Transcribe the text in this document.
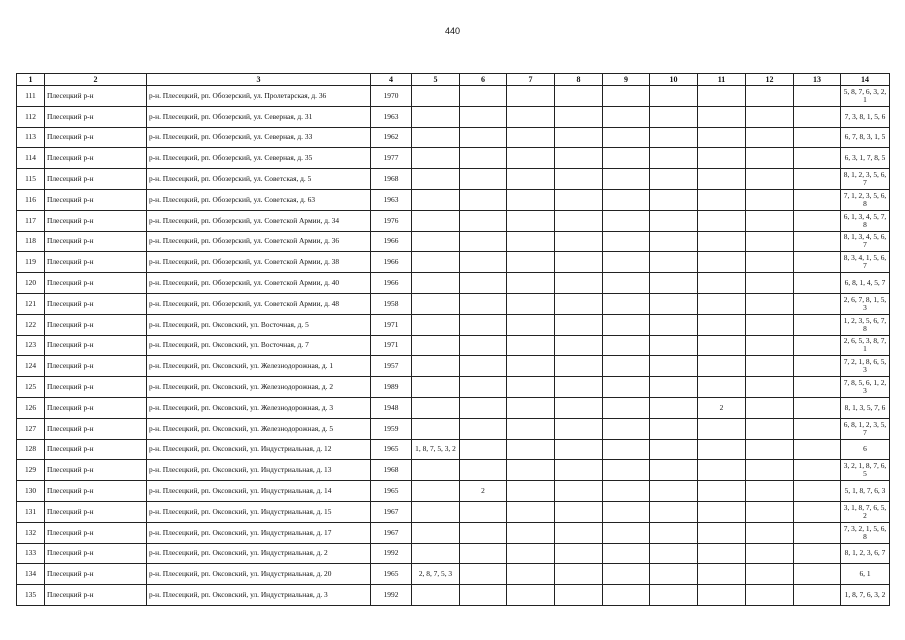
440
1	2	3	4	5	6	7	8	9	10	11	12	13	14
111	Плесецкий р-н	р-н. Плесецкий, рп. Обозерский, ул. Пролетарская, д. 36	1970										5, 8, 7, 6, 3, 2, 1
112	Плесецкий р-н	р-н. Плесецкий, рп. Обозерский, ул. Северная, д. 31	1963										7, 3, 8, 1, 5, 6
113	Плесецкий р-н	р-н. Плесецкий, рп. Обозерский, ул. Северная, д. 33	1962										6, 7, 8, 3, 1, 5
114	Плесецкий р-н	р-н. Плесецкий, рп. Обозерский, ул. Северная, д. 35	1977										6, 3, 1, 7, 8, 5
115	Плесецкий р-н	р-н. Плесецкий, рп. Обозерский, ул. Советская, д. 5	1968										8, 1, 2, 3, 5, 6, 7
116	Плесецкий р-н	р-н. Плесецкий, рп. Обозерский, ул. Советская, д. 63	1963										7, 1, 2, 3, 5, 6, 8
117	Плесецкий р-н	р-н. Плесецкий, рп. Обозерский, ул. Советской Армии, д. 34	1976										6, 1, 3, 4, 5, 7, 8
118	Плесецкий р-н	р-н. Плесецкий, рп. Обозерский, ул. Советской Армии, д. 36	1966										8, 1, 3, 4, 5, 6, 7
119	Плесецкий р-н	р-н. Плесецкий, рп. Обозерский, ул. Советской Армии, д. 38	1966										8, 3, 4, 1, 5, 6, 7
120	Плесецкий р-н	р-н. Плесецкий, рп. Обозерский, ул. Советской Армии, д. 40	1966										6, 8, 1, 4, 5, 7
121	Плесецкий р-н	р-н. Плесецкий, рп. Обозерский, ул. Советской Армии, д. 48	1958										2, 6, 7, 8, 1, 5, 3
122	Плесецкий р-н	р-н. Плесецкий, рп. Оксовский, ул. Восточная, д. 5	1971										1, 2, 3, 5, 6, 7, 8
123	Плесецкий р-н	р-н. Плесецкий, рп. Оксовский, ул. Восточная, д. 7	1971										2, 6, 5, 3, 8, 7, 1
124	Плесецкий р-н	р-н. Плесецкий, рп. Оксовский, ул. Железнодорожная, д. 1	1957										7, 2, 1, 8, 6, 5, 3
125	Плесецкий р-н	р-н. Плесецкий, рп. Оксовский, ул. Железнодорожная, д. 2	1989										7, 8, 5, 6, 1, 2, 3
126	Плесецкий р-н	р-н. Плесецкий, рп. Оксовский, ул. Железнодорожная, д. 3	1948							2			8, 1, 3, 5, 7, 6
127	Плесецкий р-н	р-н. Плесецкий, рп. Оксовский, ул. Железнодорожная, д. 5	1959										6, 8, 1, 2, 3, 5, 7
128	Плесецкий р-н	р-н. Плесецкий, рп. Оксовский, ул. Индустриальная, д. 12	1965	1, 8, 7, 5, 3, 2									6
129	Плесецкий р-н	р-н. Плесецкий, рп. Оксовский, ул. Индустриальная, д. 13	1968										3, 2, 1, 8, 7, 6, 5
130	Плесецкий р-н	р-н. Плесецкий, рп. Оксовский, ул. Индустриальная, д. 14	1965		2								5, 1, 8, 7, 6, 3
131	Плесецкий р-н	р-н. Плесецкий, рп. Оксовский, ул. Индустриальная, д. 15	1967										3, 1, 8, 7, 6, 5, 2
132	Плесецкий р-н	р-н. Плесецкий, рп. Оксовский, ул. Индустриальная, д. 17	1967										7, 3, 2, 1, 5, 6, 8
133	Плесецкий р-н	р-н. Плесецкий, рп. Оксовский, ул. Индустриальная, д. 2	1992										8, 1, 2, 3, 6, 7
134	Плесецкий р-н	р-н. Плесецкий, рп. Оксовский, ул. Индустриальная, д. 20	1965	2, 8, 7, 5, 3									6, 1
135	Плесецкий р-н	р-н. Плесецкий, рп. Оксовский, ул. Индустриальная, д. 3	1992										1, 8, 7, 6, 3, 2
